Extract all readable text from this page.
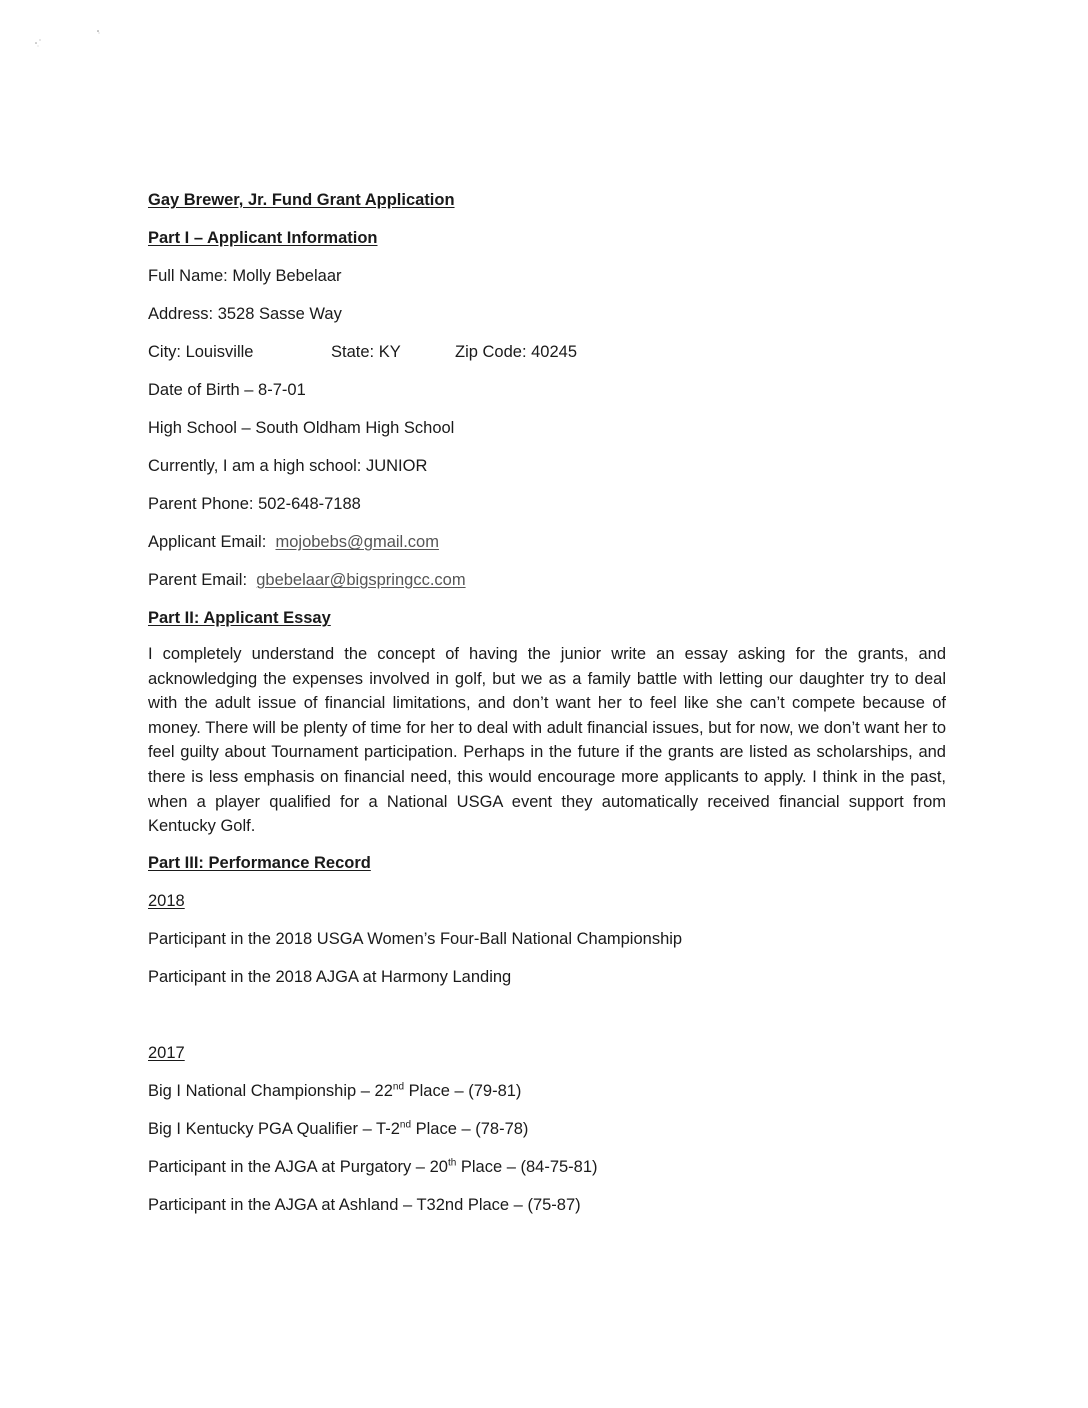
Gay Brewer, Jr. Fund Grant Application
Part I – Applicant Information
Full Name: Molly Bebelaar
Address: 3528 Sasse Way
City: Louisville	State: KY	Zip Code: 40245
Date of Birth – 8-7-01
High School – South Oldham High School
Currently, I am a high school: JUNIOR
Parent Phone: 502-648-7188
Applicant Email: mojobebs@gmail.com
Parent Email: gbebelaar@bigspringcc.com
Part II: Applicant Essay

I completely understand the concept of having the junior write an essay asking for the grants, and acknowledging the expenses involved in golf, but we as a family battle with letting our daughter try to deal with the adult issue of financial limitations, and don’t want her to feel like she can’t compete because of money. There will be plenty of time for her to deal with adult financial issues, but for now, we don’t want her to feel guilty about Tournament participation. Perhaps in the future if the grants are listed as scholarships, and there is less emphasis on financial need, this would encourage more applicants to apply. I think in the past, when a player qualified for a National USGA event they automatically received financial support from Kentucky Golf.

Part III: Performance Record
2018
Participant in the 2018 USGA Women’s Four-Ball National Championship
Participant in the 2018 AJGA at Harmony Landing
2017
Big I National Championship – 22nd Place – (79-81)
Big I Kentucky PGA Qualifier – T-2nd Place – (78-78)
Participant in the AJGA at Purgatory – 20th Place – (84-75-81)
Participant in the AJGA at Ashland – T32nd Place – (75-87)
